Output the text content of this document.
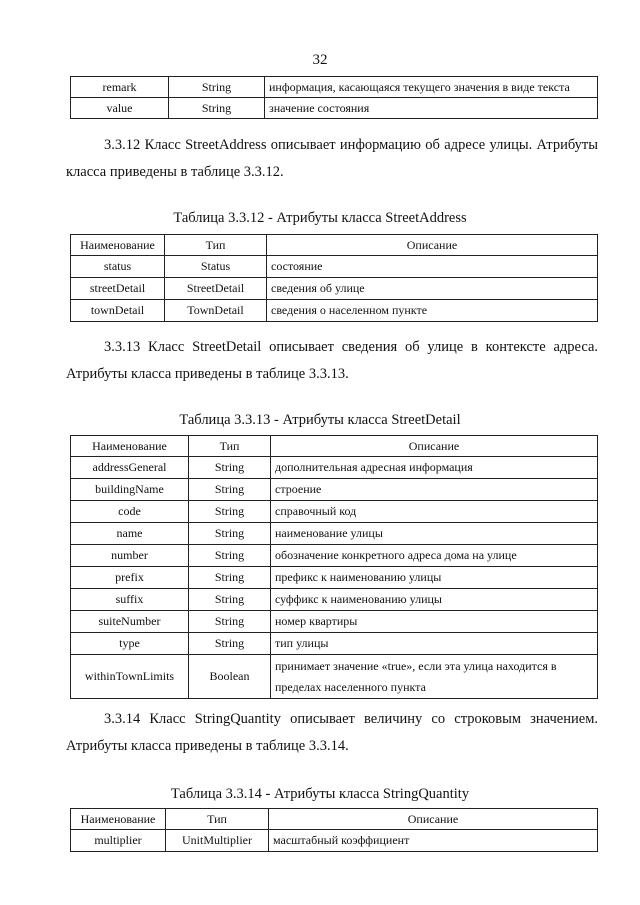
32
remark	String	информация, касающаяся текущего значения в виде текста
value	String	значение состояния
3.3.12 Класс StreetAddress описывает информацию об адресе улицы. Атрибуты класса приведены в таблице 3.3.12.
Таблица 3.3.12 - Атрибуты класса StreetAddress
Наименование	Тип	Описание
status	Status	состояние
streetDetail	StreetDetail	сведения об улице
townDetail	TownDetail	сведения о населенном пункте
3.3.13 Класс StreetDetail описывает сведения об улице в контексте адреса. Атрибуты класса приведены в таблице 3.3.13.
Таблица 3.3.13 - Атрибуты класса StreetDetail
Наименование	Тип	Описание
addressGeneral	String	дополнительная адресная информация
buildingName	String	строение
code	String	справочный код
name	String	наименование улицы
number	String	обозначение конкретного адреса дома на улице
prefix	String	префикс к наименованию улицы
suffix	String	суффикс к наименованию улицы
suiteNumber	String	номер квартиры
type	String	тип улицы
withinTownLimits	Boolean	принимает значение «true», если эта улица находится в пределах населенного пункта
3.3.14 Класс StringQuantity описывает величину со строковым значением. Атрибуты класса приведены в таблице 3.3.14.
Таблица 3.3.14 - Атрибуты класса StringQuantity
Наименование	Тип	Описание
multiplier	UnitMultiplier	масштабный коэффициент
